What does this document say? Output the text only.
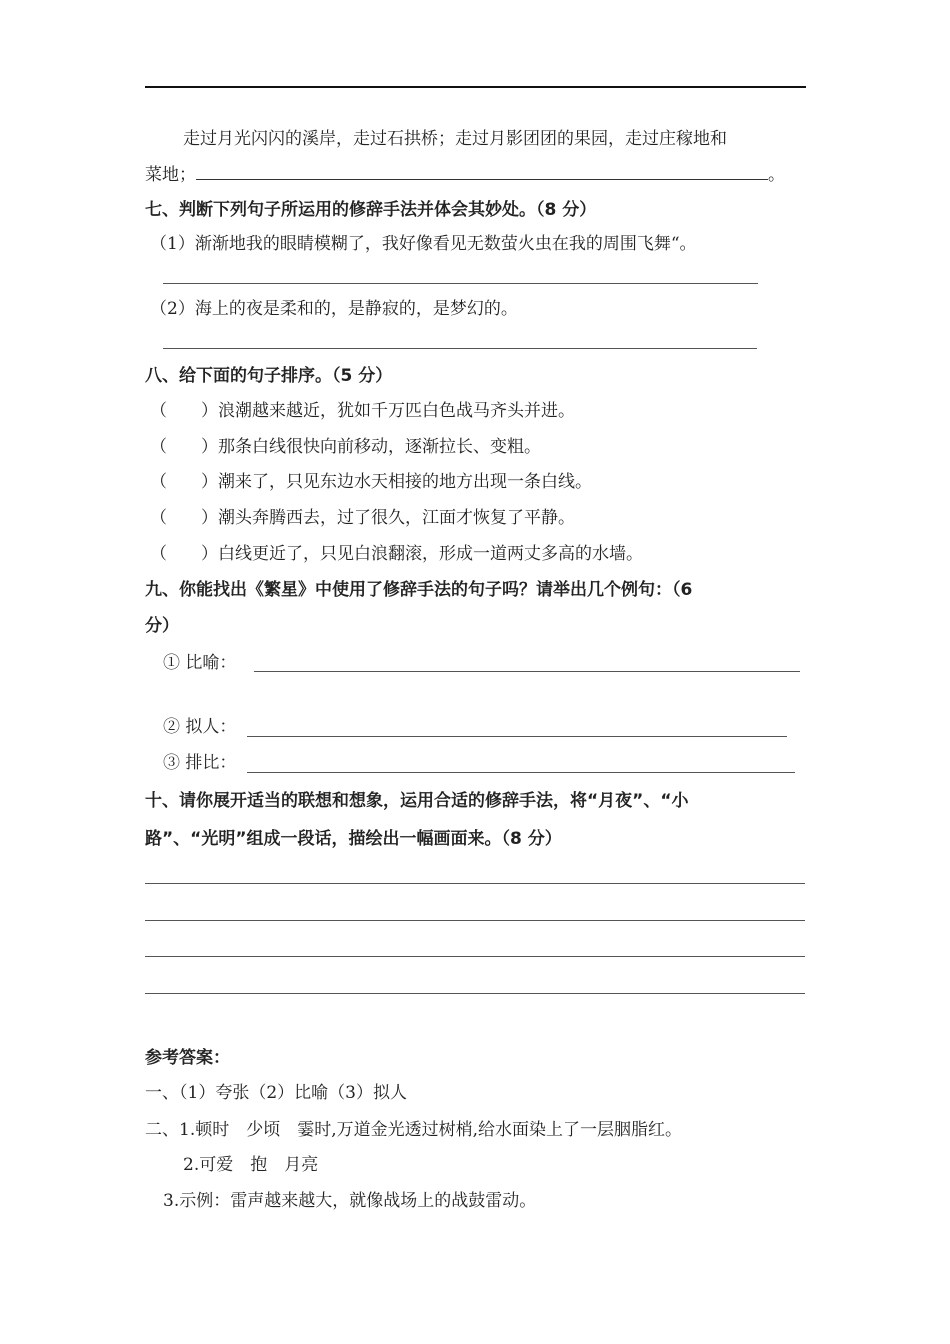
走过月光闪闪的溪岸，走过石拱桥；走过月影团团的果园，走过庄稼地和
菜地；	。
七、判断下列句子所运用的修辞手法并体会其妙处。（8 分）
（1）渐渐地我的眼睛模糊了，我好像看见无数萤火虫在我的周围飞舞“。
（2）海上的夜是柔和的，是静寂的，是梦幻的。
八、给下面的句子排序。（5 分）
（　　）浪潮越来越近，犹如千万匹白色战马齐头并进。
（　　）那条白线很快向前移动，逐渐拉长、变粗。
（　　）潮来了，只见东边水天相接的地方出现一条白线。
（　　）潮头奔腾西去，过了很久，江面才恢复了平静。
（　　）白线更近了，只见白浪翻滚，形成一道两丈多高的水墙。
九、你能找出《繁星》中使用了修辞手法的句子吗？请举出几个例句：（6
分）
① 比喻：
② 拟人：
③ 排比：
十、请你展开适当的联想和想象，运用合适的修辞手法，将“月夜”、“小
路”、“光明”组成一段话，描绘出一幅画面来。（8 分）
参考答案：
一、（1）夸张（2）比喻（3）拟人
二、1.顿时　少顷　霎时,万道金光透过树梢,给水面染上了一层胭脂红。
2.可爱　抱　月亮
3.示例：雷声越来越大，就像战场上的战鼓雷动。
